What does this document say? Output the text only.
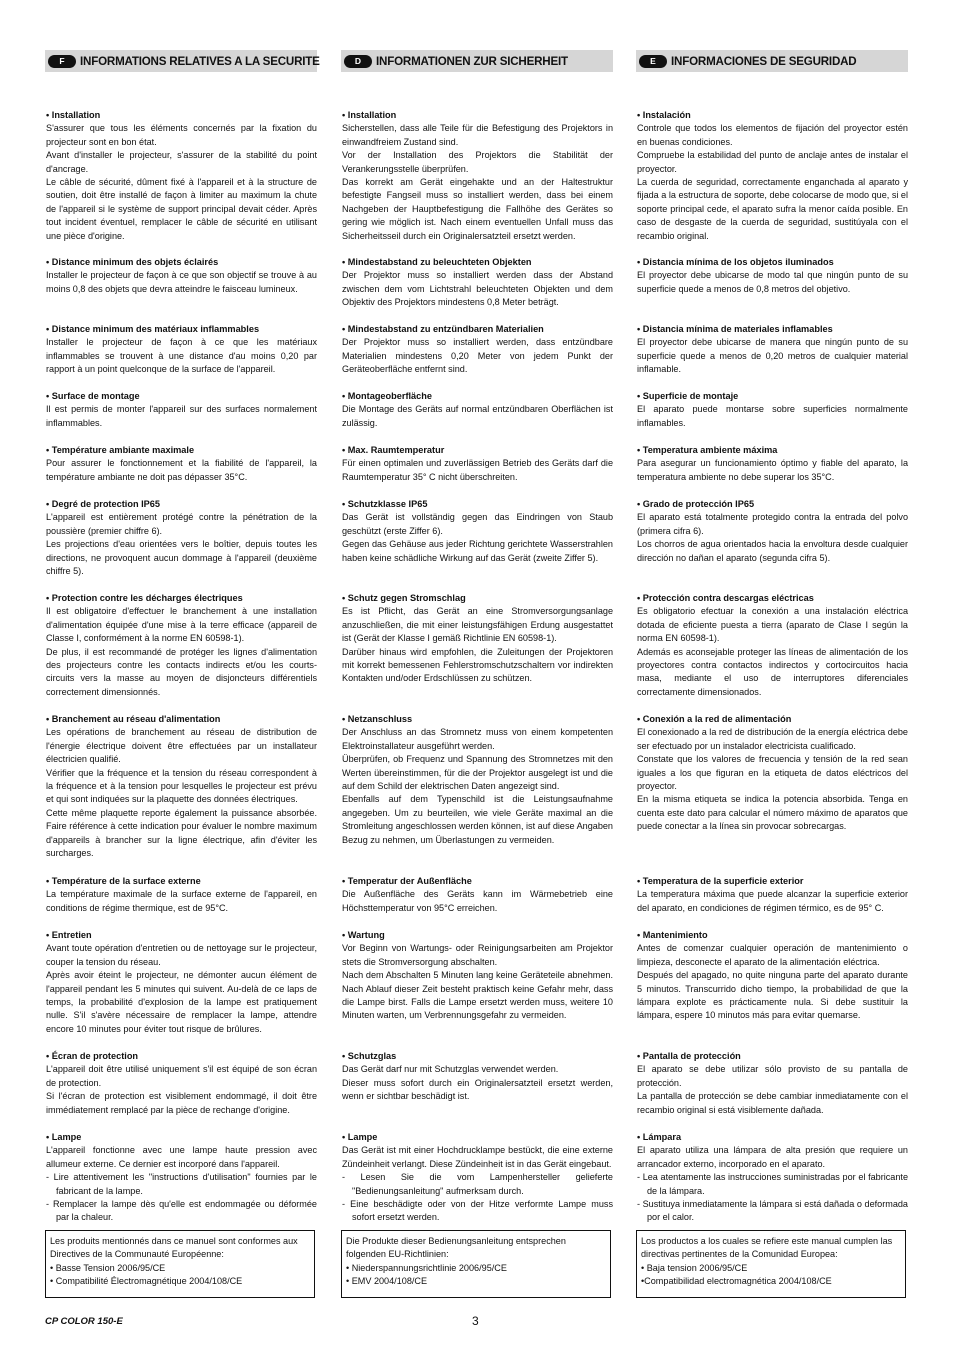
F	INFORMATIONS RELATIVES A LA SECURITE
• Installation

S'assurer que tous les éléments concernés par la fixation du projecteur sont en bon état.

Avant d'installer le projecteur, s'assurer de la stabilité du point d'ancrage.

Le câble de sécurité, dûment fixé à l'appareil et à la structure de soutien, doit être installé de façon à limiter au maximum la chute de l'appareil si le système de support principal devait céder. Après tout incident éventuel, remplacer le câble de sécurité en utilisant une pièce d'origine.

• Distance minimum des objets éclairés

Installer le projecteur de façon à ce que son objectif se trouve à au moins 0,8 des objets que devra atteindre le faisceau lumineux.

• Distance minimum des matériaux inflammables

Installer le projecteur de façon à ce que les matériaux inflammables se trouvent à une distance d'au moins 0,20 par rapport à un point quelconque de la surface de l'appareil.

• Surface de montage

Il est permis de monter l'appareil sur des surfaces normalement inflammables.

• Température ambiante maximale

Pour assurer le fonctionnement et la fiabilité de l'appareil, la température ambiante ne doit pas dépasser 35°C.

• Degré de protection IP65

L'appareil est entièrement protégé contre la pénétration de la poussière (premier chiffre 6).

Les projections d'eau orientées vers le boîtier, depuis toutes les directions, ne provoquent aucun dommage à l'appareil (deuxième chiffre 5).

• Protection contre les décharges électriques

Il est obligatoire d'effectuer le branchement à une installation d'alimentation équipée d'une mise à la terre efficace (appareil de Classe I, conformément à la norme EN 60598-1).

De plus, il est recommandé de protéger les lignes d'alimentation des projecteurs contre les contacts indirects et/ou les courts-circuits vers la masse au moyen de disjoncteurs différentiels correctement dimensionnés.

• Branchement au réseau d'alimentation

Les opérations de branchement au réseau de distribution de l'énergie électrique doivent être effectuées par un installateur électricien qualifié.

Vérifier que la fréquence et la tension du réseau correspondent à la fréquence et à la tension pour lesquelles le projecteur est prévu et qui sont indiquées sur la plaquette des données électriques.

Cette même plaquette reporte également la puissance absorbée. Faire référence à cette indication pour évaluer le nombre maximum d'appareils à brancher sur la ligne électrique, afin d'éviter les surcharges.

• Température de la surface externe

La température maximale de la surface externe de l'appareil, en conditions de régime thermique, est de 95°C.

• Entretien

Avant toute opération d'entretien ou de nettoyage sur le projecteur, couper la tension du réseau.

Après avoir éteint le projecteur, ne démonter aucun élément de l'appareil pendant les 5 minutes qui suivent. Au-delà de ce laps de temps, la probabilité d'explosion de la lampe est pratiquement nulle. S'il s'avère nécessaire de remplacer la lampe, attendre encore 10 minutes pour éviter tout risque de brûlures.

• Écran de protection

L'appareil doit être utilisé uniquement s'il est équipé de son écran de protection.

Si l'écran de protection est visiblement endommagé, il doit être immédiatement remplacé par la pièce de rechange d'origine.

• Lampe

L'appareil fonctionne avec une lampe haute pression avec allumeur externe. Ce dernier est incorporé dans l'appareil.

- Lire attentivement les "instructions d'utilisation" fournies par le fabricant de la lampe.
- Remplacer la lampe dès qu'elle est endommagée ou déformée par la chaleur.
Les produits mentionnés dans ce manuel sont conformes aux Directives de la Communauté Européenne:
• Basse Tension 2006/95/CE
• Compatibilité Électromagnétique 2004/108/CE
D	INFORMATIONEN ZUR SICHERHEIT
• Installation

Sicherstellen, dass alle Teile für die Befestigung des Projektors in einwandfreiem Zustand sind.

Vor der Installation des Projektors die Stabilität der Verankerungsstelle überprüfen.

Das korrekt am Gerät eingehakte und an der Haltestruktur befestigte Fangseil muss so installiert werden, dass bei einem Nachgeben der Hauptbefestigung die Fallhöhe des Gerätes so gering wie möglich ist. Nach einem eventuellen Unfall muss das Sicherheitsseil durch ein Originalersatzteil ersetzt werden.

• Mindestabstand zu beleuchteten Objekten

Der Projektor muss so installiert werden dass der Abstand zwischen dem vom Lichtstrahl beleuchteten Objekten und dem Objektiv des Projektors mindestens 0,8 Meter beträgt.

• Mindestabstand zu entzündbaren Materialien

Der Projektor muss so installiert werden, dass entzündbare Materialien mindestens 0,20 Meter von jedem Punkt der Geräteoberfläche entfernt sind.

• Montageoberfläche

Die Montage des Geräts auf normal entzündbaren Oberflächen ist zulässig.

• Max. Raumtemperatur

Für einen optimalen und zuverlässigen Betrieb des Geräts darf die Raumtemperatur 35° C nicht überschreiten.

• Schutzklasse IP65

Das Gerät ist vollständig gegen das Eindringen von Staub geschützt (erste Ziffer 6).

Gegen das Gehäuse aus jeder Richtung gerichtete Wasserstrahlen haben keine schädliche Wirkung auf das Gerät (zweite Ziffer 5).

• Schutz gegen Stromschlag

Es ist Pflicht, das Gerät an eine Stromversorgungsanlage anzuschließen, die mit einer leistungsfähigen Erdung ausgestattet ist (Gerät der Klasse I gemäß Richtlinie EN 60598-1).

Darüber hinaus wird empfohlen, die Zuleitungen der Projektoren mit korrekt bemessenen Fehlerstromschutzschaltern vor indirekten Kontakten und/oder Erdschlüssen zu schützen.

• Netzanschluss

Der Anschluss an das Stromnetz muss von einem kompetenten Elektroinstallateur ausgeführt werden.

Überprüfen, ob Frequenz und Spannung des Stromnetzes mit den Werten übereinstimmen, für die der Projektor ausgelegt ist und die auf dem Schild der elektrischen Daten angezeigt sind.

Ebenfalls auf dem Typenschild ist die Leistungsaufnahme angegeben. Um zu beurteilen, wie viele Geräte maximal an die Stromleitung angeschlossen werden können, ist auf diese Angaben Bezug zu nehmen, um Überlastungen zu vermeiden.

• Temperatur der Außenfläche

Die Außenfläche des Geräts kann im Wärmebetrieb eine Höchsttemperatur von 95°C erreichen.

• Wartung

Vor Beginn von Wartungs- oder Reinigungsarbeiten am Projektor stets die Stromversorgung abschalten.

Nach dem Abschalten 5 Minuten lang keine Geräteteile abnehmen. Nach Ablauf dieser Zeit besteht praktisch keine Gefahr mehr, dass die Lampe birst. Falls die Lampe ersetzt werden muss, weitere 10 Minuten warten, um Verbrennungsgefahr zu vermeiden.

• Schutzglas

Das Gerät darf nur mit Schutzglas verwendet werden.

Dieser muss sofort durch ein Originalersatzteil ersetzt werden, wenn er sichtbar beschädigt ist.

• Lampe

Das Gerät ist mit einer Hochdrucklampe bestückt, die eine externe Zündeinheit verlangt. Diese Zündeinheit ist in das Gerät eingebaut.

- Lesen Sie die vom Lampenhersteller gelieferte "Bedienungsanleitung" aufmerksam durch.
- Eine beschädigte oder von der Hitze verformte Lampe muss sofort ersetzt werden.
Die Produkte dieser Bedienungsanleitung entsprechen folgenden EU-Richtlinien:
• Niederspannungsrichtlinie 2006/95/CE
• EMV 2004/108/CE
E	INFORMACIONES DE SEGURIDAD
• Instalación

Controle que todos los elementos de fijación del proyector estén en buenas condiciones.

Compruebe la estabilidad del punto de anclaje antes de instalar el proyector.

La cuerda de seguridad, correctamente enganchada al aparato y fijada a la estructura de soporte, debe colocarse de modo que, si el soporte principal cede, el aparato sufra la menor caída posible. En caso de desgaste de la cuerda de seguridad, sustitúyala con el recambio original.

• Distancia mínima de los objetos iluminados

El proyector debe ubicarse de modo tal que ningún punto de su superficie quede a menos de 0,8 metros del objetivo.

• Distancia mínima de materiales inflamables

El proyector debe ubicarse de manera que ningún punto de su superficie quede a menos de 0,20 metros de cualquier material inflamable.

• Superficie de montaje

El aparato puede montarse sobre superficies normalmente inflamables.

• Temperatura ambiente máxima

Para asegurar un funcionamiento óptimo y fiable del aparato, la temperatura ambiente no debe superar los 35°C.

• Grado de protección IP65

El aparato está totalmente protegido contra la entrada del polvo (primera cifra 6).

Los chorros de agua orientados hacia la envoltura desde cualquier dirección no dañan el aparato (segunda cifra 5).

• Protección contra descargas eléctricas

Es obligatorio efectuar la conexión a una instalación eléctrica dotada de eficiente puesta a tierra (aparato de Clase I según la norma EN 60598-1).

Además es aconsejable proteger las líneas de alimentación de los proyectores contra contactos indirectos y cortocircuitos hacia masa, mediante el uso de interruptores diferenciales correctamente dimensionados.

• Conexión a la red de alimentación

El conexionado a la red de distribución de la energía eléctrica debe ser efectuado por un instalador electricista cualificado.

Constate que los valores de frecuencia y tensión de la red sean iguales a los que figuran en la etiqueta de datos eléctricos del proyector.

En la misma etiqueta se indica la potencia absorbida. Tenga en cuenta este dato para calcular el número máximo de aparatos que puede conectar a la línea sin provocar sobrecargas.

• Temperatura de la superficie exterior

La temperatura máxima que puede alcanzar la superficie exterior del aparato, en condiciones de régimen térmico, es de 95° C.

• Mantenimiento

Antes de comenzar cualquier operación de mantenimiento o limpieza, desconecte el aparato de la alimentación eléctrica.

Después del apagado, no quite ninguna parte del aparato durante 5 minutos. Transcurrido dicho tiempo, la probabilidad de que la lámpara explote es prácticamente nula. Si debe sustituir la lámpara, espere 10 minutos más para evitar quemarse.

• Pantalla de protección

El aparato se debe utilizar sólo provisto de su pantalla de protección.

La pantalla de protección se debe cambiar inmediatamente con el recambio original si está visiblemente dañada.

• Lámpara

El aparato utiliza una lámpara de alta presión que requiere un arrancador externo, incorporado en el aparato.

- Lea atentamente las instrucciones suministradas por el fabricante de la lámpara.
- Sustituya inmediatamente la lámpara si está dañada o deformada por el calor.
Los productos a los cuales se refiere este manual cumplen las directivas pertinentes de la Comunidad Europea:
• Baja tension 2006/95/CE
•Compatibilidad electromagnética 2004/108/CE
CP COLOR 150-E	3
